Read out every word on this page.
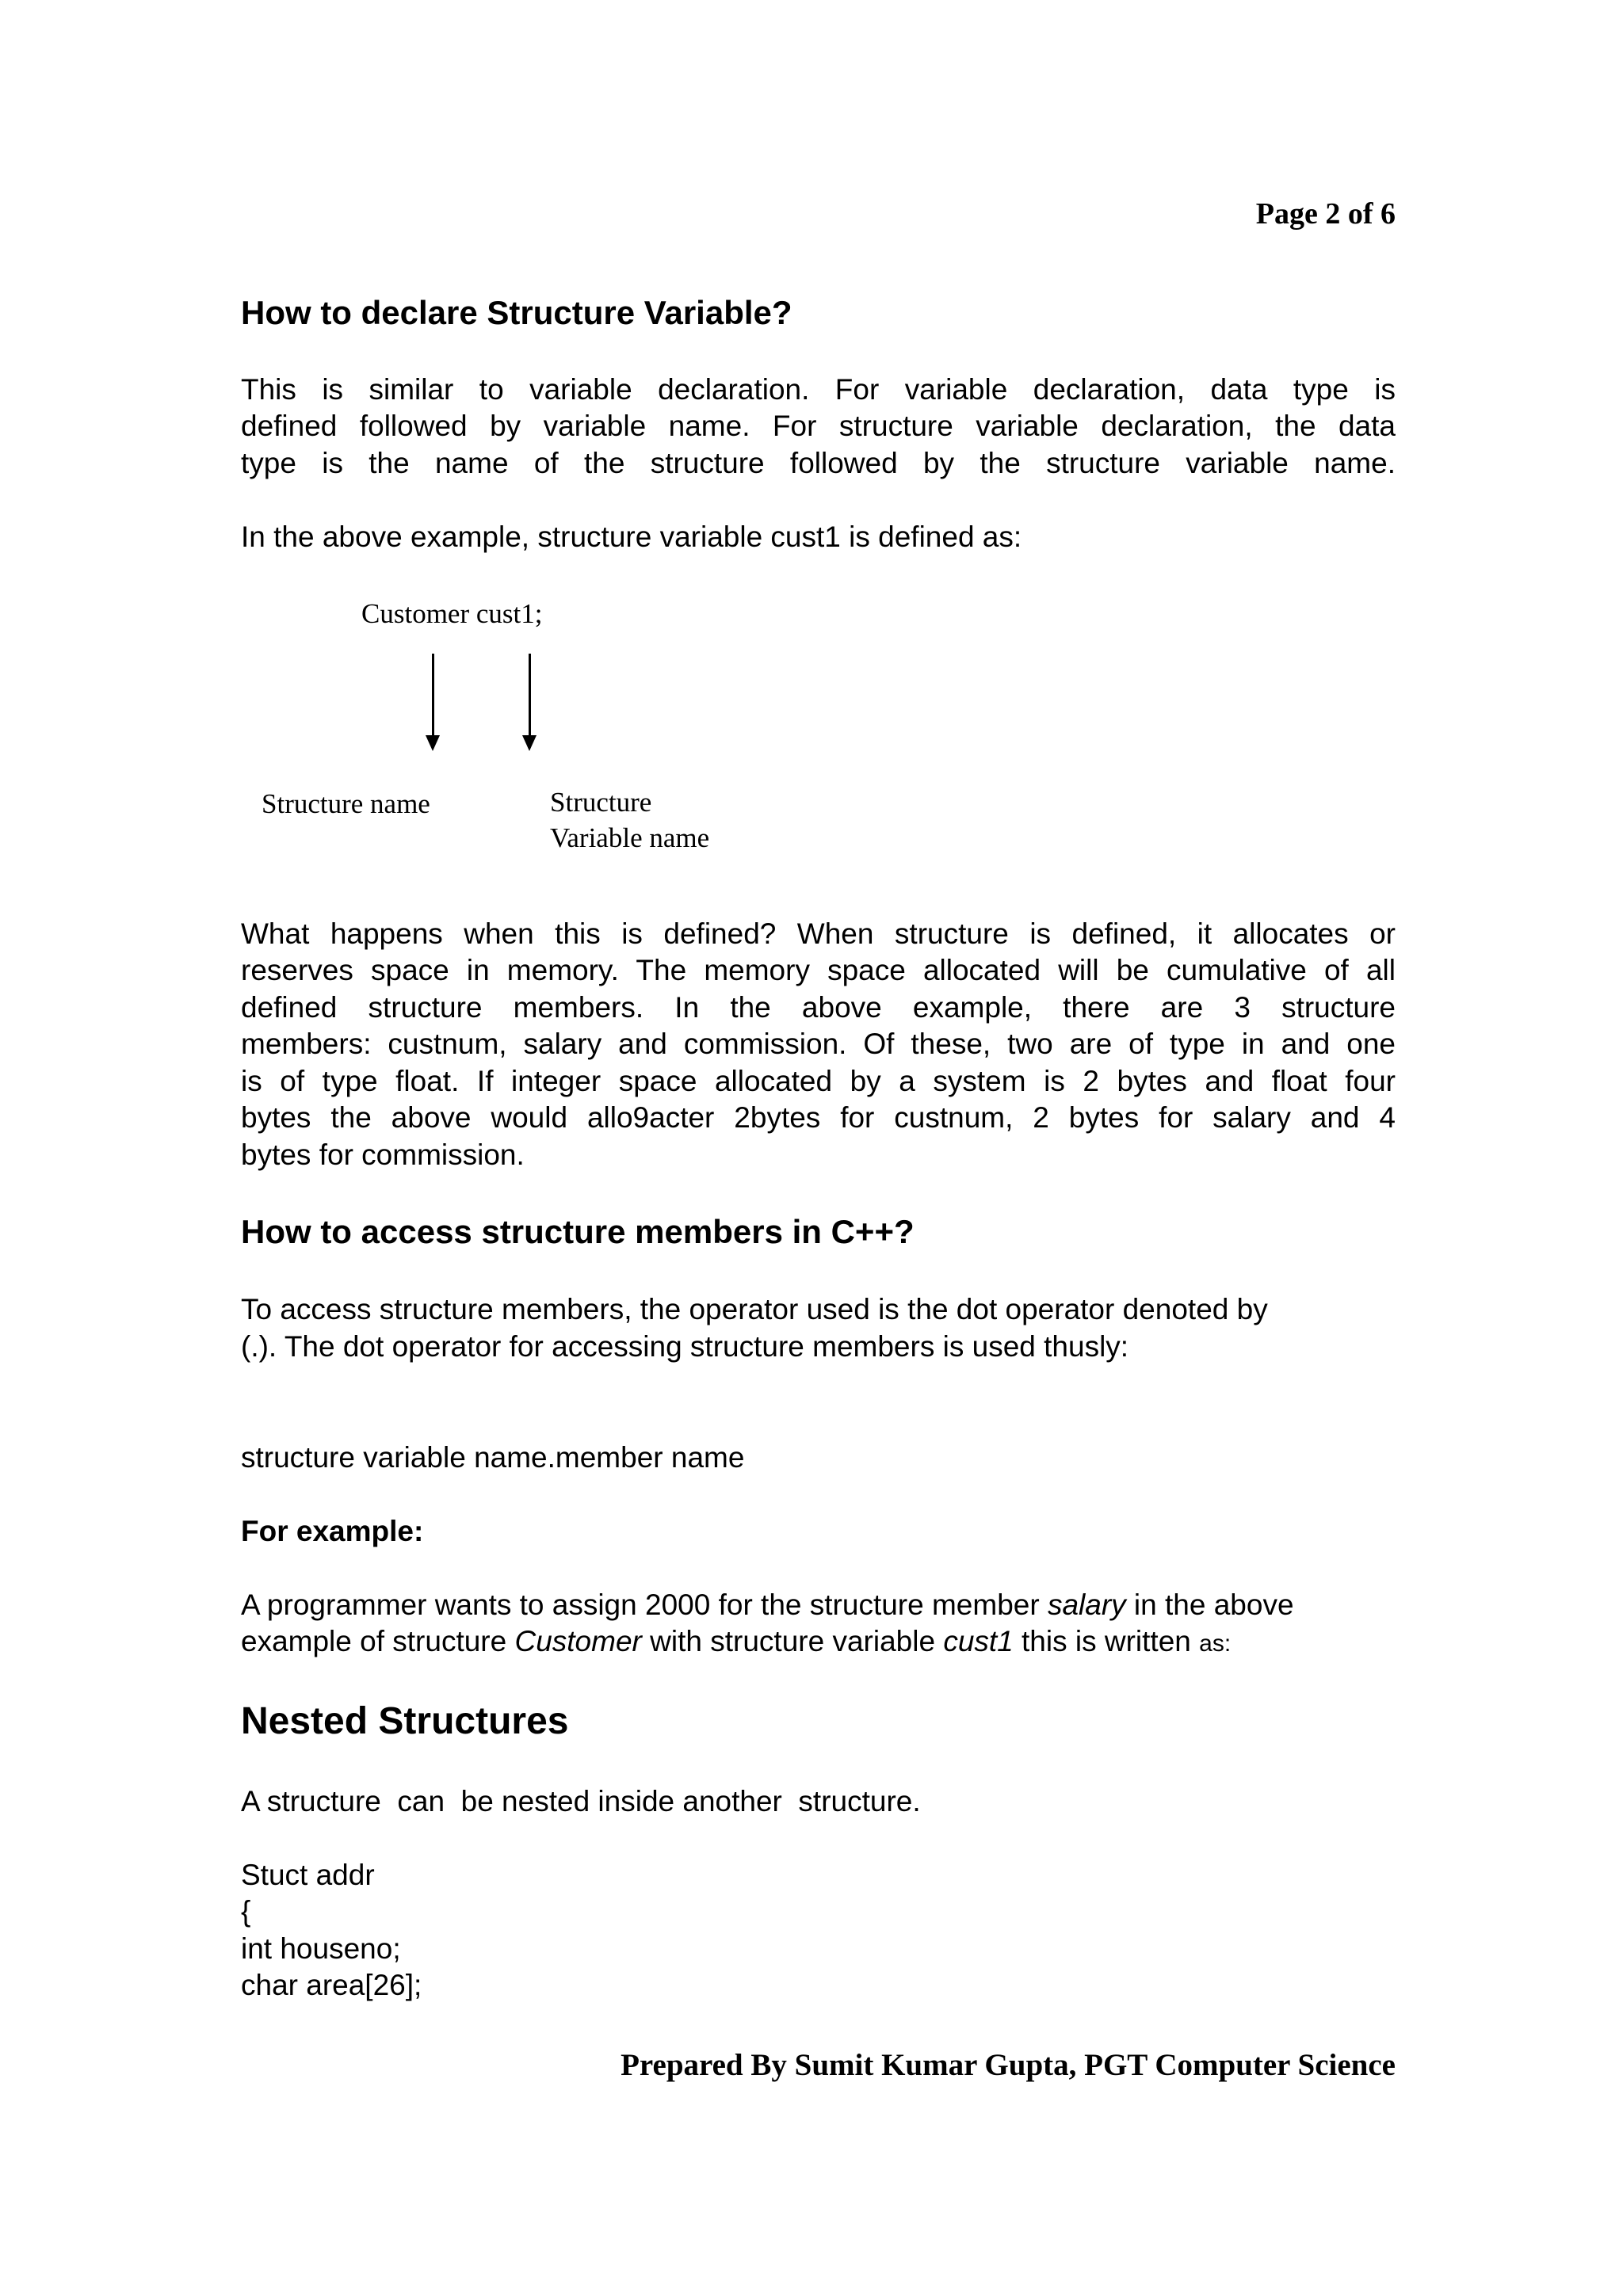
Page 2 of 6
How to declare Structure Variable?
This is similar to variable declaration. For variable declaration, data type is
defined followed by variable name. For structure variable declaration, the data
type is the name of the structure followed by the structure variable name.
In the above example, structure variable cust1 is defined as:
Customer cust1;
Structure name	Structure
Variable name
What happens when this is defined? When structure is defined, it allocates or
reserves space in memory. The memory space allocated will be cumulative of all
defined structure members. In the above example, there are 3 structure
members: custnum, salary and commission. Of these, two are of type in and one
is of type float. If integer space allocated by a system is 2 bytes and float four
bytes the above would allo9acter 2bytes for custnum, 2 bytes for salary and 4
bytes for commission.
How to access structure members in C++?
To access structure members, the operator used is the dot operator denoted by
(.). The dot operator for accessing structure members is used thusly:
structure variable name.member name
For example:
A programmer wants to assign 2000 for the structure member salary in the above
example of structure Customer with structure variable cust1 this is written as:
Nested Structures
A structure  can  be nested inside another  structure.
Stuct addr
{
int houseno;
char area[26];
Prepared By Sumit Kumar Gupta, PGT Computer Science
